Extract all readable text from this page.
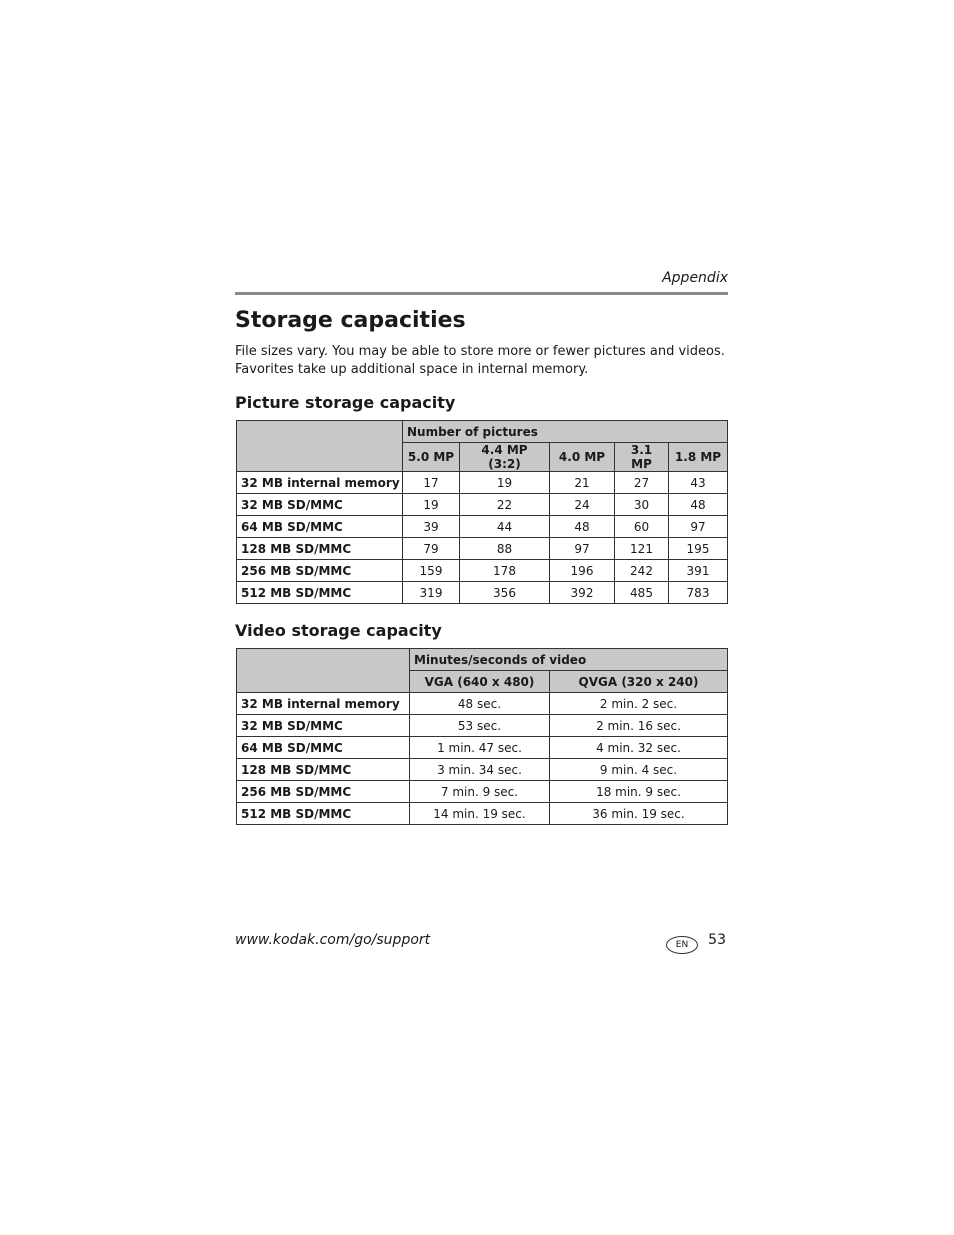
Appendix
Storage capacities

File sizes vary. You may be able to store more or fewer pictures and videos. Favorites take up additional space in internal memory.

Picture storage capacity
	Number of pictures				
	5.0 MP	4.4 MP (3:2)	4.0 MP	3.1 MP	1.8 MP
32 MB internal memory	17	19	21	27	43
32 MB SD/MMC	19	22	24	30	48
64 MB SD/MMC	39	44	48	60	97
128 MB SD/MMC	79	88	97	121	195
256 MB SD/MMC	159	178	196	242	391
512 MB SD/MMC	319	356	392	485	783
Video storage capacity
	Minutes/seconds of video	
	VGA (640 x 480)	QVGA (320 x 240)
32 MB internal memory	48 sec.	2 min. 2 sec.
32 MB SD/MMC	53 sec.	2 min. 16 sec.
64 MB SD/MMC	1 min. 47 sec.	4 min. 32 sec.
128 MB SD/MMC	3 min. 34 sec.	9 min. 4 sec.
256 MB SD/MMC	7 min. 9 sec.	18 min. 9 sec.
512 MB SD/MMC	14 min. 19 sec.	36 min. 19 sec.
www.kodak.com/go/support	EN	53
